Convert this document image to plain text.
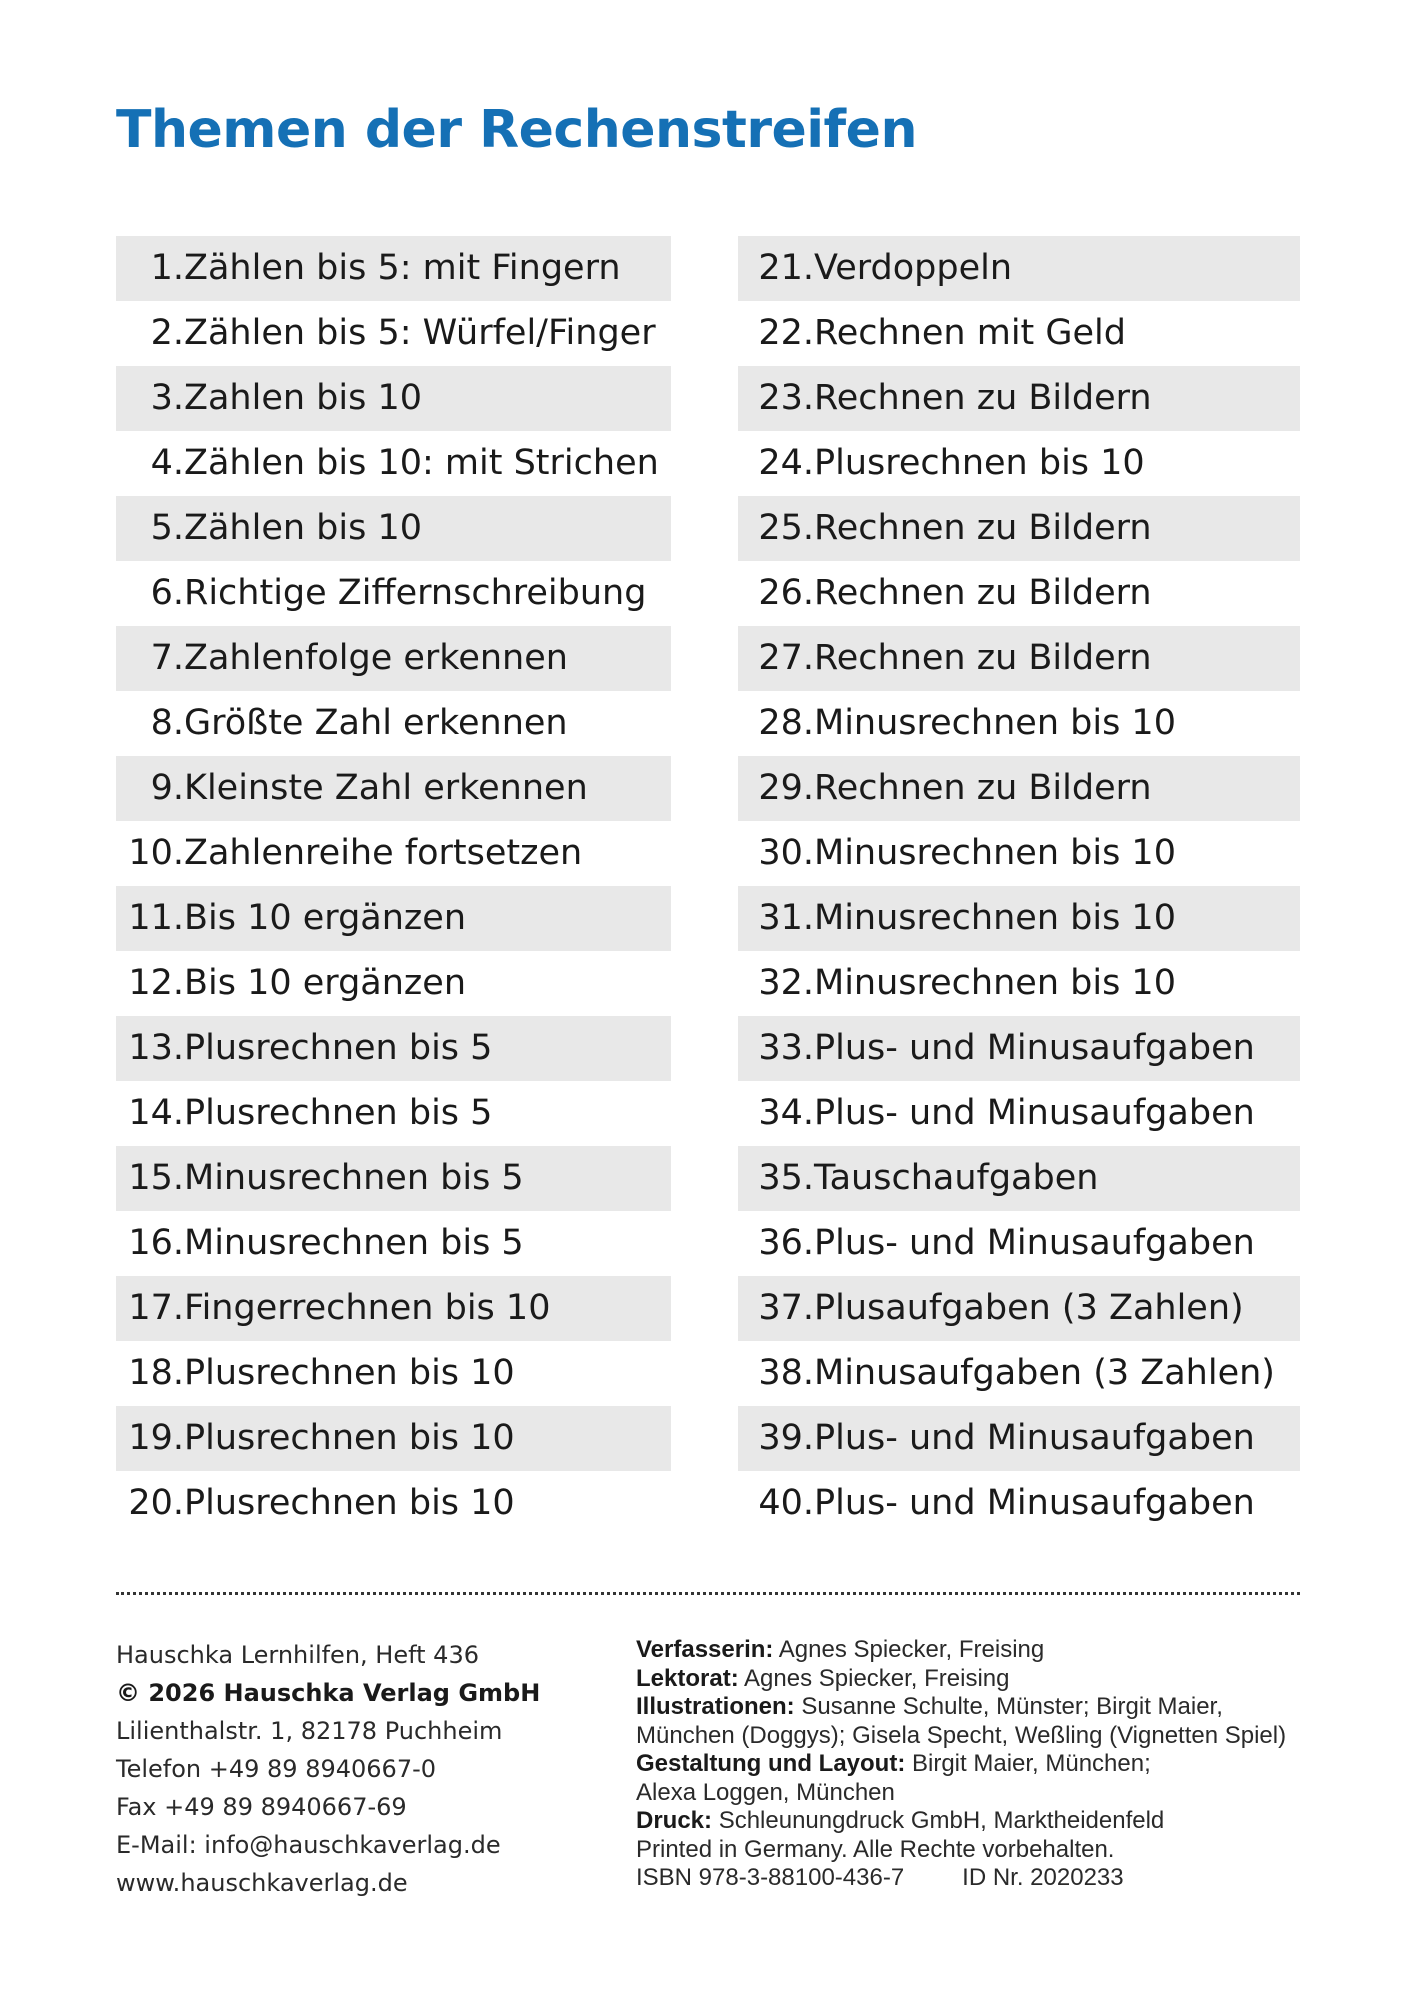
Themen der Rechenstreifen
1. Zählen bis 5: mit Fingern
2. Zählen bis 5: Würfel/Finger
3. Zahlen bis 10
4. Zählen bis 10: mit Strichen
5. Zählen bis 10
6. Richtige Ziffernschreibung
7. Zahlenfolge erkennen
8. Größte Zahl erkennen
9. Kleinste Zahl erkennen
10. Zahlenreihe fortsetzen
11. Bis 10 ergänzen
12. Bis 10 ergänzen
13. Plusrechnen bis 5
14. Plusrechnen bis 5
15. Minusrechnen bis 5
16. Minusrechnen bis 5
17. Fingerrechnen bis 10
18. Plusrechnen bis 10
19. Plusrechnen bis 10
20. Plusrechnen bis 10
21. Verdoppeln
22. Rechnen mit Geld
23. Rechnen zu Bildern
24. Plusrechnen bis 10
25. Rechnen zu Bildern
26. Rechnen zu Bildern
27. Rechnen zu Bildern
28. Minusrechnen bis 10
29. Rechnen zu Bildern
30. Minusrechnen bis 10
31. Minusrechnen bis 10
32. Minusrechnen bis 10
33. Plus- und Minusaufgaben
34. Plus- und Minusaufgaben
35. Tauschaufgaben
36. Plus- und Minusaufgaben
37. Plusaufgaben (3 Zahlen)
38. Minusaufgaben (3 Zahlen)
39. Plus- und Minusaufgaben
40. Plus- und Minusaufgaben
Hauschka Lernhilfen, Heft 436
© 2026 Hauschka Verlag GmbH
Lilienthalstr. 1, 82178 Puchheim
Telefon +49 89 8940667-0
Fax +49 89 8940667-69
E-Mail: info@hauschkaverlag.de
www.hauschkaverlag.de
Verfasserin: Agnes Spiecker, Freising
Lektorat: Agnes Spiecker, Freising
Illustrationen: Susanne Schulte, Münster; Birgit Maier,
München (Doggys); Gisela Specht, Weßling (Vignetten Spiel)
Gestaltung und Layout: Birgit Maier, München;
Alexa Loggen, München
Druck: Schleunungdruck GmbH, Marktheidenfeld
Printed in Germany. Alle Rechte vorbehalten.
ISBN 978-3-88100-436-7 ID Nr. 2020233
